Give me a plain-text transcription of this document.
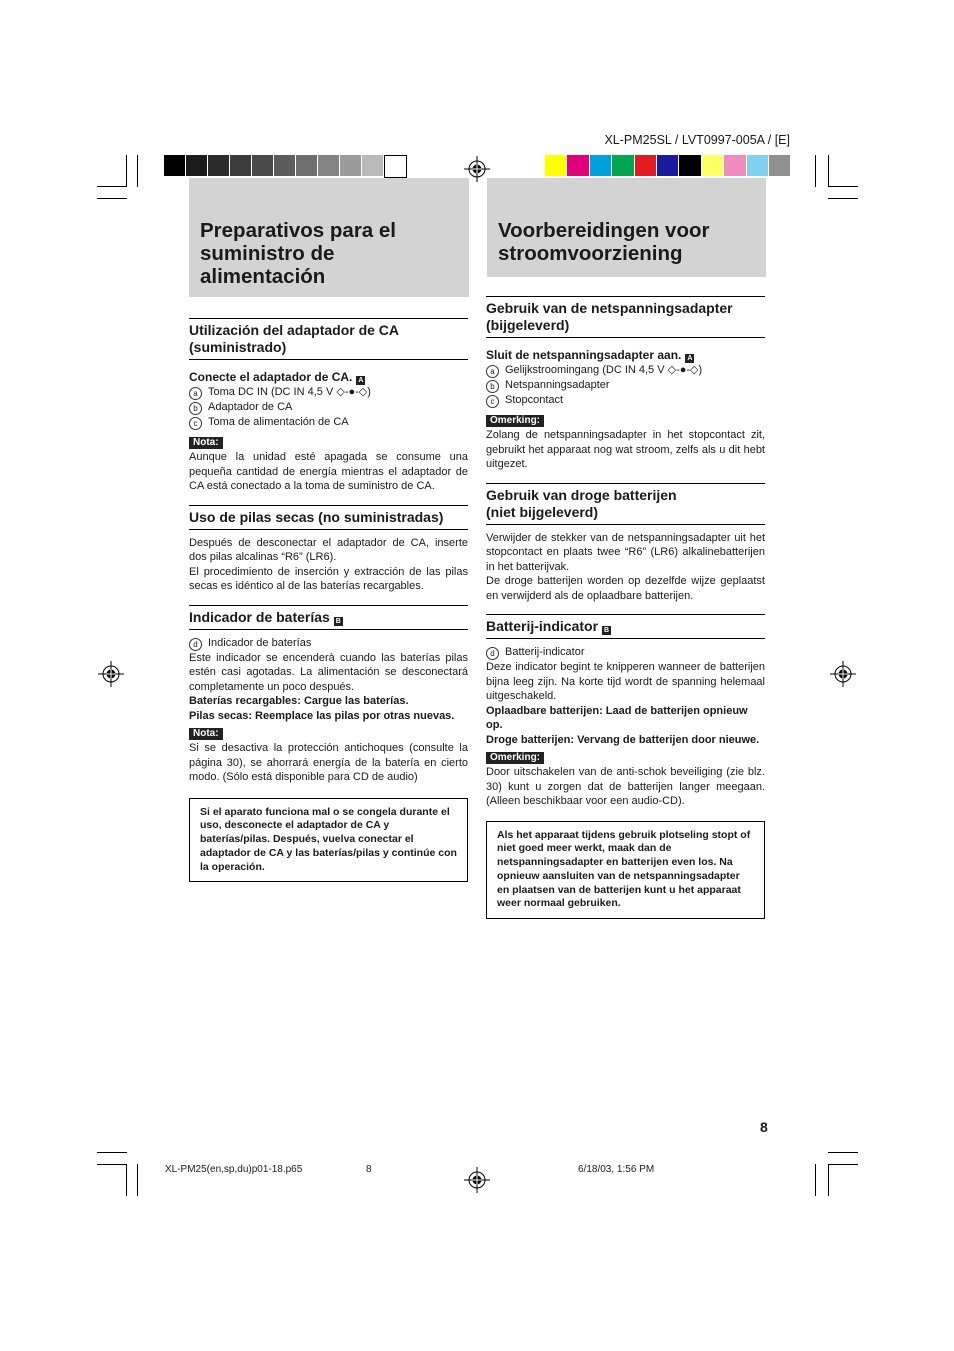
XL-PM25SL / LVT0997-005A / [E]
Preparativos para el
suministro de
alimentación
Voorbereidingen voor
stroomvoorziening
Utilización del adaptador de CA
(suministrado)
Conecte el adaptador de CA. A
a Toma DC IN (DC IN 4,5 V ◇-●-◇)
b Adaptador de CA
c Toma de alimentación de CA
Nota:
Aunque la unidad esté apagada se consume una pequeña cantidad de energía mientras el adaptador de CA está conectado a la toma de suministro de CA.
Uso de pilas secas (no suministradas)
Después de desconectar el adaptador de CA, inserte dos pilas alcalinas “R6” (LR6).
El procedimiento de inserción y extracción de las pilas secas es idéntico al de las baterías recargables.
Indicador de baterías B
d Indicador de baterías
Este indicador se encenderà cuando las baterías pilas estén casi agotadas. La alimentación se desconectará completamente un poco después.
Baterías recargables: Cargue las baterías.
Pilas secas: Reemplace las pilas por otras nuevas.
Nota:
Si se desactiva la protección antichoques (consulte la página 30), se ahorrará energía de la batería en cierto modo. (Sólo está disponible para CD de audio)
Si el aparato funciona mal o se congela durante el uso, desconecte el adaptador de CA y baterías/pilas. Después, vuelva conectar el adaptador de CA y las baterías/pilas y continúe con la operación.
Gebruik van de netspanningsadapter
(bijgeleverd)
Sluit de netspanningsadapter aan. A
a Gelijkstroomingang (DC IN 4,5 V ◇-●-◇)
b Netspanningsadapter
c Stopcontact
Omerking:
Zolang de netspanningsadapter in het stopcontact zit, gebruikt het apparaat nog wat stroom, zelfs als u dit hebt uitgezet.
Gebruik van droge batterijen
(niet bijgeleverd)
Verwijder de stekker van de netspanningsadapter uit het stopcontact en plaats twee “R6” (LR6) alkalinebatterijen in het batterijvak.
De droge batterijen worden op dezelfde wijze geplaatst en verwijderd als de oplaadbare batterijen.
Batterij-indicator B
d Batterij-indicator
Deze indicator begint te knipperen wanneer de batterijen bijna leeg zijn. Na korte tijd wordt de spanning helemaal uitgeschakeld.
Oplaadbare batterijen: Laad de batterijen opnieuw op.
Droge batterijen: Vervang de batterijen door nieuwe.
Omerking:
Door uitschakelen van de anti-schok beveiliging (zie blz. 30) kunt u zorgen dat de batterijen langer meegaan. (Alleen beschikbaar voor een audio-CD).
Als het apparaat tijdens gebruik plotseling stopt of niet goed meer werkt, maak dan de netspanningsadapter en batterijen even los. Na opnieuw aansluiten van de netspanningsadapter en plaatsen van de batterijen kunt u het apparaat weer normaal gebruiken.
8
XL-PM25(en,sp,du)p01-18.p65	8	6/18/03, 1:56 PM
